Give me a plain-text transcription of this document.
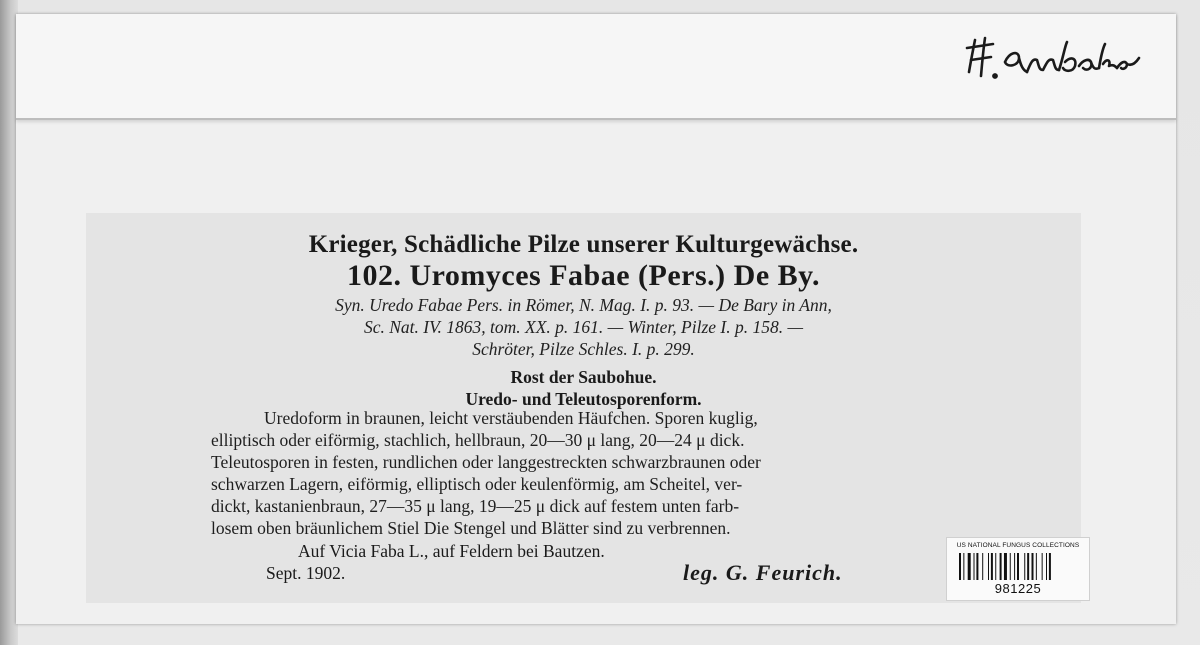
Krieger, Schädliche Pilze unserer Kulturgewächse.
102. Uromyces Fabae (Pers.) De By.
Syn. Uredo Fabae Pers. in Römer, N. Mag. I. p. 93. — De Bary in Ann,
Sc. Nat. IV. 1863, tom. XX. p. 161. — Winter, Pilze I. p. 158. —
Schröter, Pilze Schles. I. p. 299.
Rost der Saubohue.
Uredo- und Teleutosporenform.
Uredoform in braunen, leicht verstäubenden Häufchen. Sporen kuglig,
elliptisch oder eiförmig, stachlich, hellbraun, 20—30 μ lang, 20—24 μ dick.
Teleutosporen in festen, rundlichen oder langgestreckten schwarzbraunen oder
schwarzen Lagern, eiförmig, elliptisch oder keulenförmig, am Scheitel, ver-
dickt, kastanienbraun, 27—35 μ lang, 19—25 μ dick auf festem unten farb-
losem oben bräunlichem Stiel Die Stengel und Blätter sind zu verbrennen.
Auf Vicia Faba L., auf Feldern bei Bautzen.
Sept. 1902.	leg. G. Feurich.
US NATIONAL FUNGUS COLLECTIONS
981225
